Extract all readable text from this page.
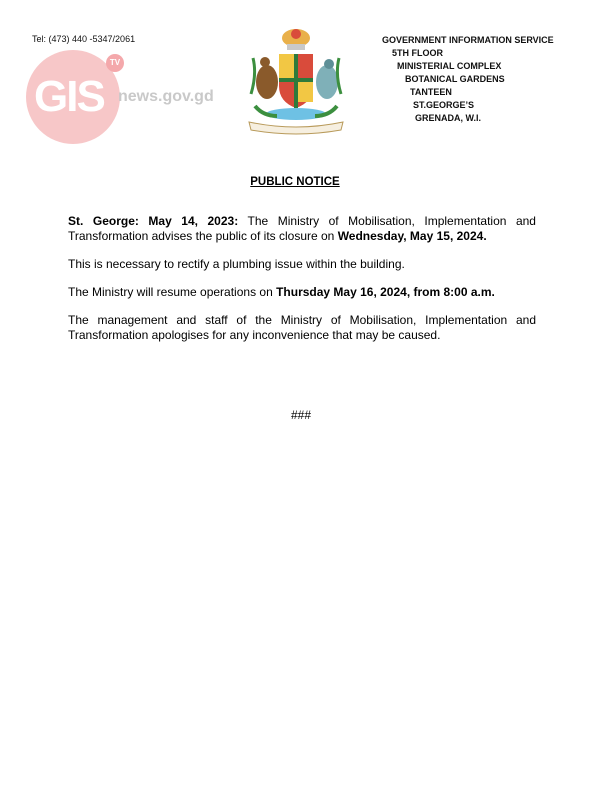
Tel: (473) 440 -5347/2061
GIS
TV
news.gov.gd
GOVERNMENT INFORMATION SERVICE
5TH FLOOR
MINISTERIAL COMPLEX
BOTANICAL GARDENS
TANTEEN
ST.GEORGE’S
GRENADA, W.I.
PUBLIC NOTICE

St. George: May 14, 2023: The Ministry of Mobilisation, Implementation and Transformation advises the public of its closure on Wednesday, May 15, 2024.

This is necessary to rectify a plumbing issue within the building.

The Ministry will resume operations on Thursday May 16, 2024, from 8:00 a.m.

The management and staff of the Ministry of Mobilisation, Implementation and Transformation apologises for any inconvenience that may be caused.

###
